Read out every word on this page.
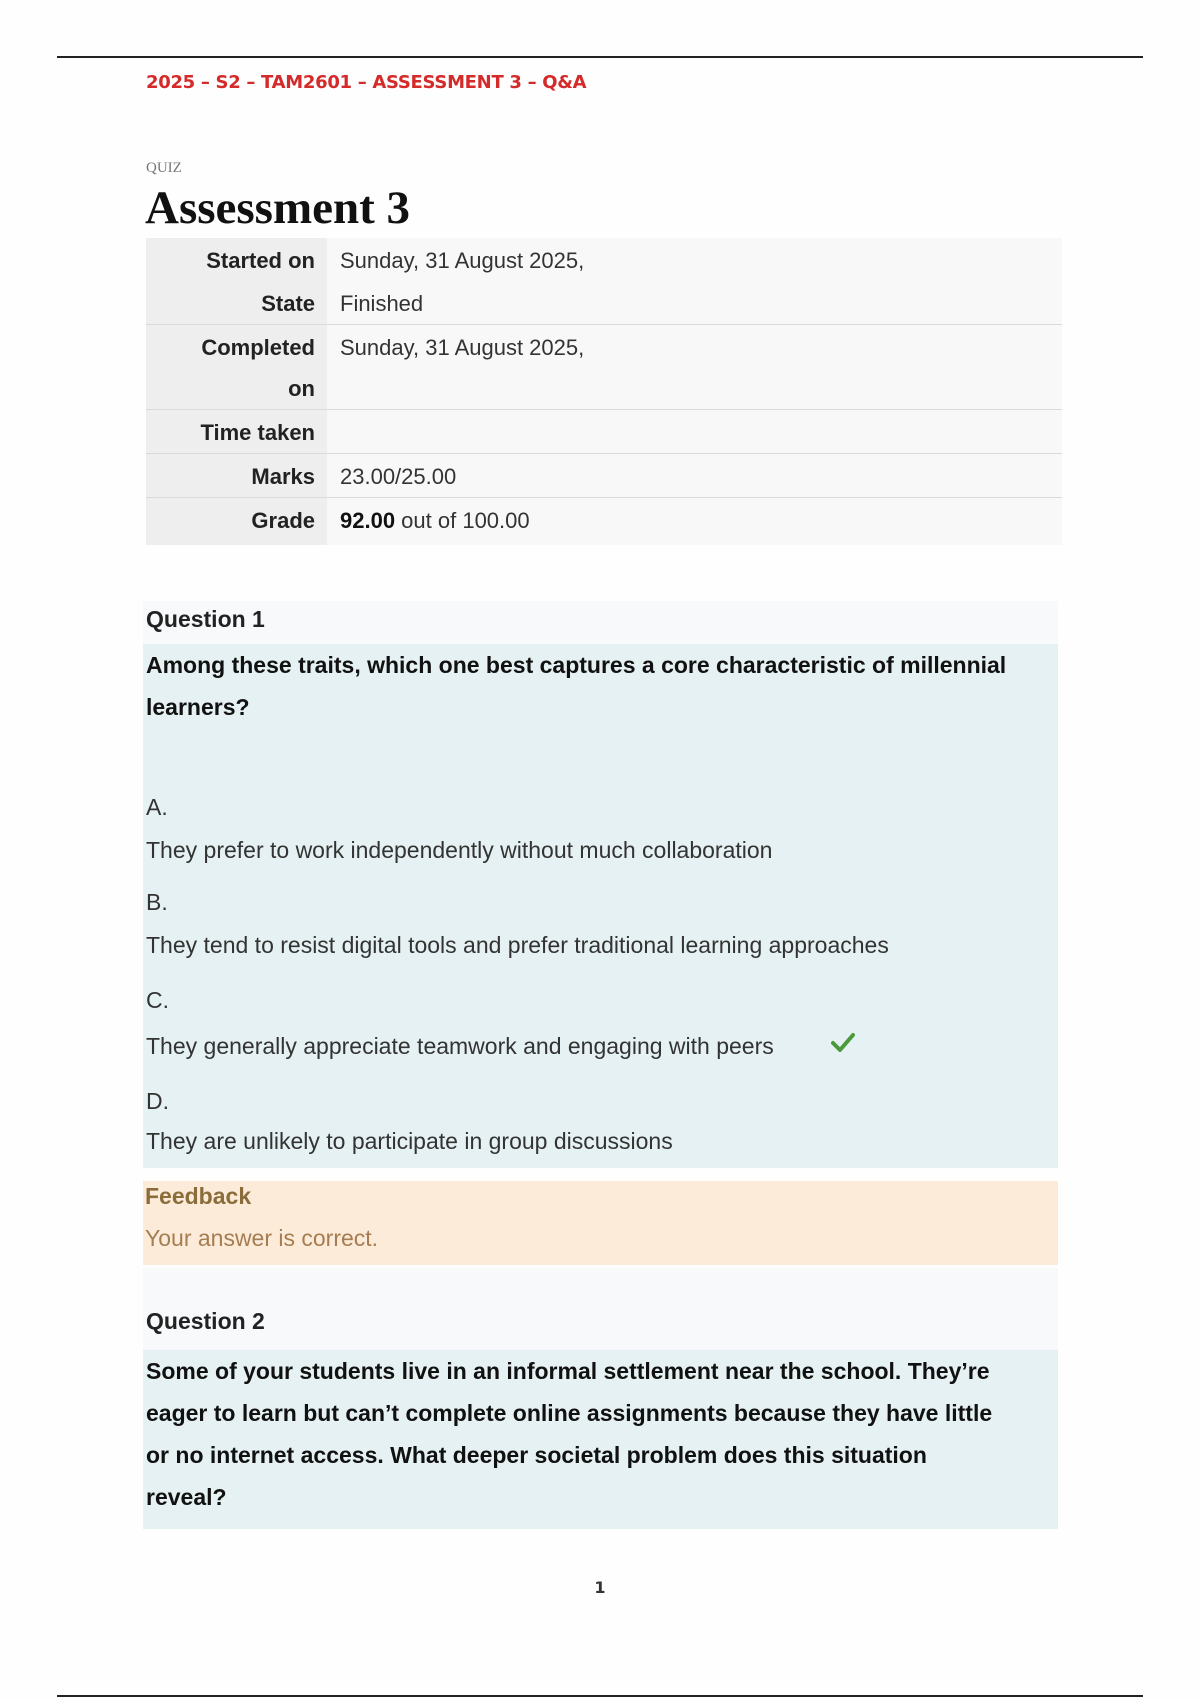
2025 – S2 – TAM2601 – ASSESSMENT 3 – Q&A
QUIZ
Assessment 3
Started on	Sunday, 31 August 2025,
State	Finished
Completed
on	Sunday, 31 August 2025,
Time taken	
Marks	23.00/25.00
Grade	92.00 out of 100.00
Question 1
Among these traits, which one best captures a core characteristic of millennial
learners?
A.
They prefer to work independently without much collaboration
B.
They tend to resist digital tools and prefer traditional learning approaches
C.
They generally appreciate teamwork and engaging with peers
D.
They are unlikely to participate in group discussions
Feedback
Your answer is correct.
Question 2
Some of your students live in an informal settlement near the school. They’re
eager to learn but can’t complete online assignments because they have little
or no internet access. What deeper societal problem does this situation
reveal?
1
